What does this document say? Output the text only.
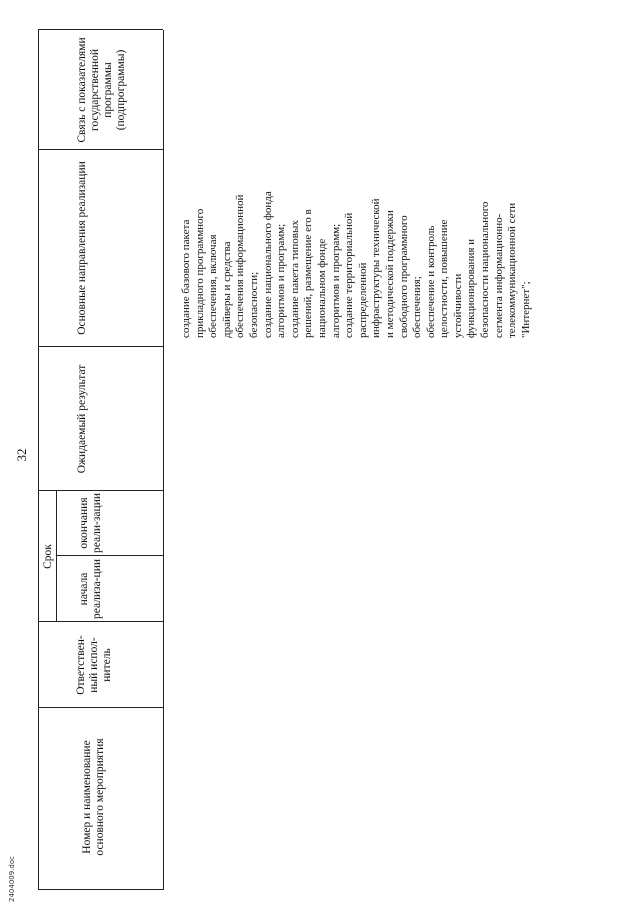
32
Номер и наименование основного мероприятия
Ответствен-ный испол-нитель
Срок
начала реализа-ции
окончания реали-зации
Ожидаемый результат
Основные направления реализации
Связь с показателями государственной программы (подпрограммы)
создание базового пакета прикладного программного обеспечения, включая драйверы и средства обеспечения информационной безопасности; создание национального фонда алгоритмов и программ; создание пакета типовых решений, размещение его в национальном фонде алгоритмов и программ; создание территориальной распределенной инфраструктуры технической и методической поддержки свободного программного обеспечения; обеспечение и контроль целостности, повышение устойчивости функционирования и безопасности национального сегмента информационно- телекоммуникационной сети "Интернет";
2404009.doc
